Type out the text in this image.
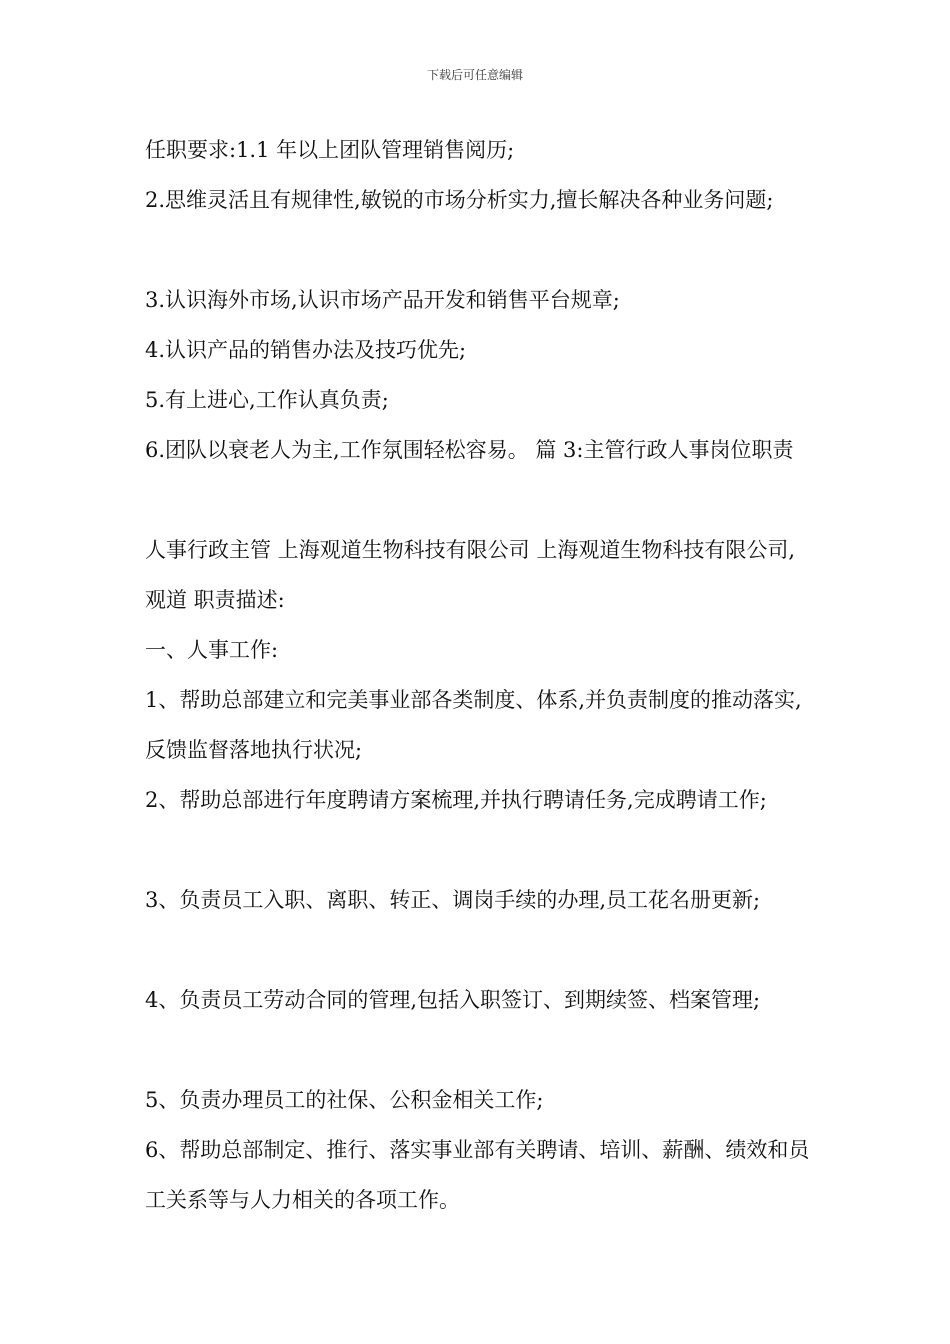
下载后可任意编辑
任职要求:1.1 年以上团队管理销售阅历;
2.思维灵活且有规律性,敏锐的市场分析实力,擅长解决各种业务问题;
3.认识海外市场,认识市场产品开发和销售平台规章;
4.认识产品的销售办法及技巧优先;
5.有上进心,工作认真负责;
6.团队以衰老人为主,工作氛围轻松容易。 篇 3:主管行政人事岗位职责
人事行政主管 上海观道生物科技有限公司 上海观道生物科技有限公司,观道 职责描述:
一、人事工作:
1、帮助总部建立和完美事业部各类制度、体系,并负责制度的推动落实,反馈监督落地执行状况;
2、帮助总部进行年度聘请方案梳理,并执行聘请任务,完成聘请工作;
3、负责员工入职、离职、转正、调岗手续的办理,员工花名册更新;
4、负责员工劳动合同的管理,包括入职签订、到期续签、档案管理;
5、负责办理员工的社保、公积金相关工作;
6、帮助总部制定、推行、落实事业部有关聘请、培训、薪酬、绩效和员工关系等与人力相关的各项工作。
